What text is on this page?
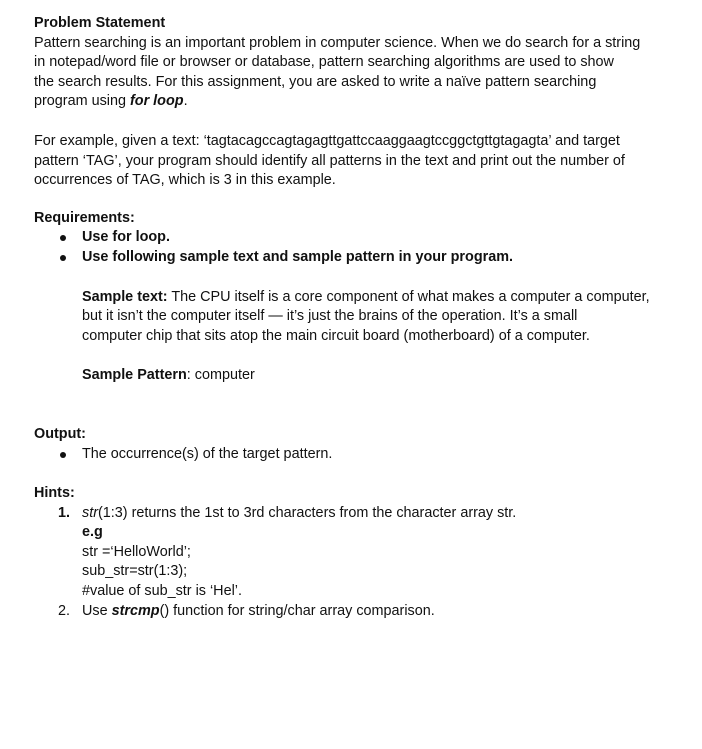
Problem Statement

Pattern searching is an important problem in computer science. When we do search for a string

in notepad/word file or browser or database, pattern searching algorithms are used to show

the search results. For this assignment, you are asked to write a naïve pattern searching

program using for loop.

For example, given a text: ‘tagtacagccagtagagttgattccaaggaagtccggctgttgtagagta’ and target

pattern ‘TAG’, your program should identify all patterns in the text and print out the number of

occurrences of TAG, which is 3 in this example.

Requirements:

Use for loop.
Use following sample text and sample pattern in your program.

Sample text: The CPU itself is a core component of what makes a computer a computer,

but it isn’t the computer itself — it’s just the brains of the operation. It’s a small

computer chip that sits atop the main circuit board (motherboard) of a computer.

Sample Pattern: computer

Output:

The occurrence(s) of the target pattern.

Hints:

1. str(1:3) returns the 1st to 3rd characters from the character array str.

e.g

str =‘HelloWorld’;

sub_str=str(1:3);

#value of sub_str is ‘Hel’.

2. Use strcmp() function for string/char array comparison.
